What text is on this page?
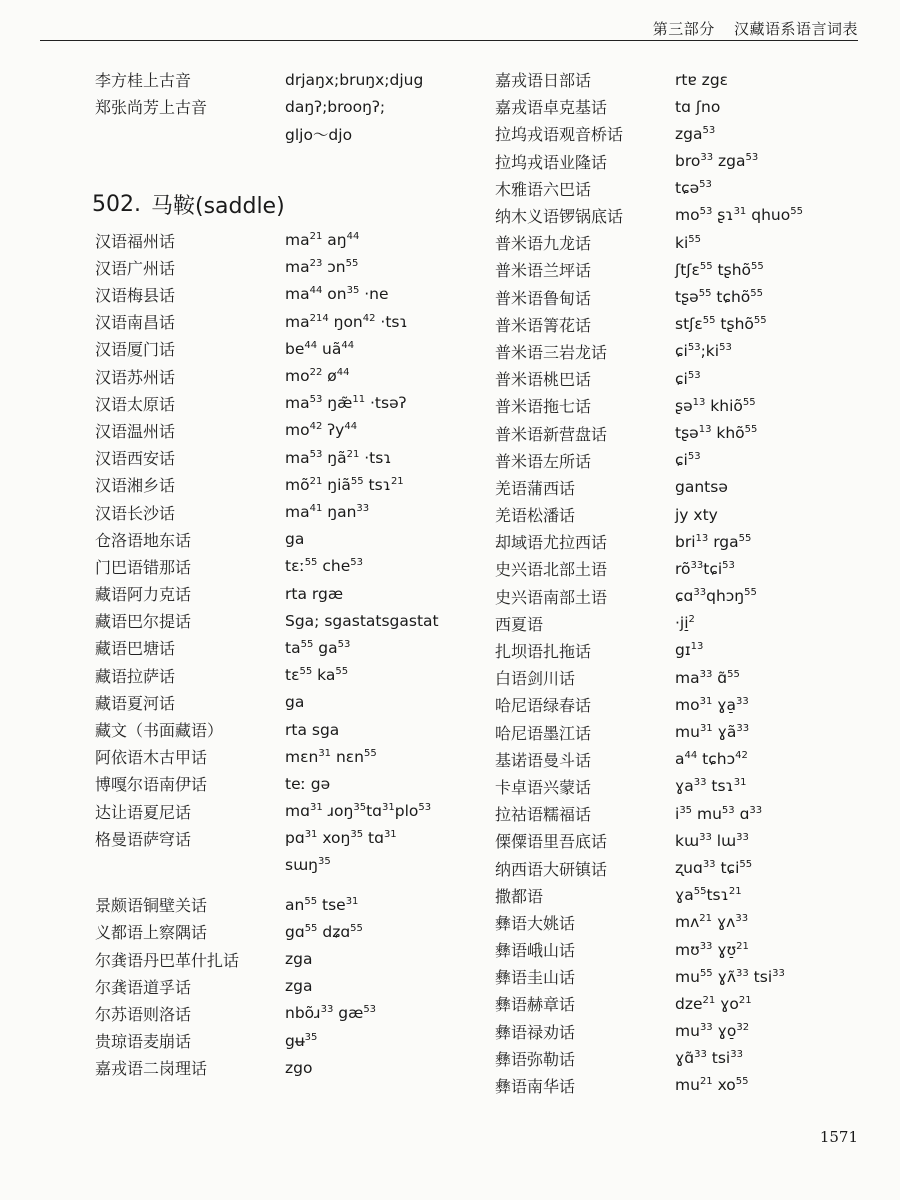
第三部分 汉藏语系语言词表
李方桂上古音	drjaŋx;bruŋx;djug
郑张尚芳上古音	daŋʔ;brooŋʔ;
gljo～djo
502. 马鞍(saddle)
汉语福州话	$ma^{21}$ $aŋ^{44}$
汉语广州话	$ma^{23}$ ɔn$^{55}$
汉语梅县话	$ma^{44}$ $on^{35} \cdot ne$
汉语南昌话	$ma^{214}$ ŋon$^{42}$ ·tsɿ
汉语厦门话	$be^{44}$ $uã^{44}$
汉语苏州话	$mo^{22}$ $ø^{44}$
汉语太原话	$ma^{53}$ ŋæ̃$^{11}$ ·tsəʔ
汉语温州话	$mo^{42}$ ʔy$^{44}$
汉语西安话	$ma^{53}$ $ŋã^{21}$ ·tsɿ
汉语湘乡话	$mõ^{21}$ ŋiã$^{55}$ tsɿ$^{21}$
汉语长沙话	$ma^{41}$ ŋan$^{33}$
仓洛语地东话	ga
门巴语错那话	tɛː$^{55}$ che$^{53}$
藏语阿力克话	rta rgæ
藏语巴尔提话	Sga; sgastatsgastat
藏语巴塘话	$ta^{55}$ $ga^{53}$
藏语拉萨话	tɛ$^{55}$ $ka^{55}$
藏语夏河话	ga
藏文（书面藏语）	rta sga
阿依语木古甲话	mɛn$^{31}$ nɛn$^{55}$
博嘎尔语南伊话	teː gə
达让语夏尼话	mɑ$^{31}$ ɹoŋ$^{35}$tɑ$^{31}$plo$^{53}$
格曼语萨穹话	pɑ$^{31}$ xoŋ$^{35}$ tɑ$^{31}$
sɯŋ$^{35}$
景颇语铜壁关话	$an^{55}$ tse$^{31}$
义都语上察隅话	gɑ$^{55}$ dʑɑ$^{55}$
尔龚语丹巴革什扎话	zga
尔龚语道孚话	zga
尔苏语则洛话	nbõɹ$^{33}$ $gæ^{53}$
贵琼语麦崩话	gʉ$^{35}$
嘉戎语二岗理话	zgo
嘉戎语日部话	rtɐ zgɛ
嘉戎语卓克基话	tɑ ʃno
拉坞戎语观音桥话	zga$^{53}$
拉坞戎语业隆话	bro$^{33}$ zga$^{53}$
木雅语六巴话	tɕə$^{53}$
纳木义语锣锅底话	$mo^{53}$ ʂɿ$^{31}$ qhuo$^{55}$
普米语九龙话	$ki^{55}$
普米语兰坪话	ʃtʃɛ$^{55}$ tʂhõ$^{55}$
普米语鲁甸话	tʂə$^{55}$ tɕhõ$^{55}$
普米语箐花话	stʃɛ$^{55}$ tʂhõ$^{55}$
普米语三岩龙话	$ɕi^{53};ki^{53}$
普米语桃巴话	ɕi$^{53}$
普米语拖七话	ʂə$^{13}$ khiõ$^{55}$
普米语新营盘话	tʂə$^{13}$ khõ$^{55}$
普米语左所话	ɕi$^{53}$
羌语蒲西话	gantsə
羌语松潘话	jy xty
却域语尤拉西话	bri$^{13}$ rga$^{55}$
史兴语北部土语	$rõ^{33}tɕi^{53}$
史兴语南部土语	ɕɑ$^{33}$qhɔŋ$^{55}$
西夏语	·ji̠$^2$
扎坝语扎拖话	gɪ$^{13}$
白语剑川话	$ma^{33}$ ɑ̃$^{55}$
哈尼语绿春话	$mo^{31}$ ɣa̠$^{33}$
哈尼语墨江话	$mu^{31}$ ɣã$^{33}$
基诺语曼斗话	$a^{44}$ tɕhɔ$^{42}$
卡卓语兴蒙话	ɣa$^{33}$ tsɿ$^{31}$
拉祜语糯福话	$i^{35}$ $mu^{53}$ ɑ$^{33}$
傈僳语里吾底话	kɯ$^{33}$ lɯ$^{33}$
纳西语大研镇话	ʐuɑ$^{33}$ tɕi$^{55}$
撒都语	ɣa$^{55}$tsɿ$^{21}$
彝语大姚话	mʌ$^{21}$ ɣʌ$^{33}$
彝语峨山话	mʊ$^{33}$ ɣʊ̠$^{21}$
彝语圭山话	$mu^{55}$ ɣʌ̃$^{33}$ tsi$^{33}$
彝语赫章话	dze$^{21}$ ɣo$^{21}$
彝语禄劝话	$mu^{33}$ ɣo̠$^{32}$
彝语弥勒话	ɣɑ̃$^{33}$ tsi$^{33}$
彝语南华话	$mu^{21}$ $xo^{55}$
1571
